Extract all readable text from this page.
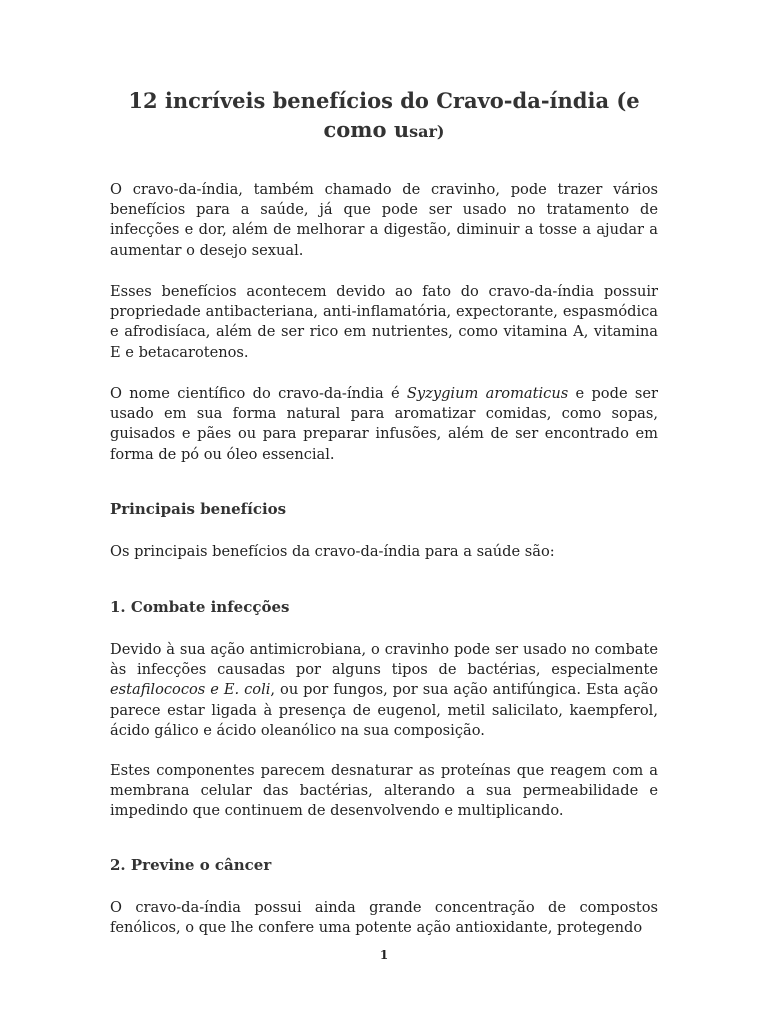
12 incríveis benefícios do Cravo-da-índia (e como usar)

O cravo-da-índia, também chamado de cravinho, pode trazer vários benefícios para a saúde, já que pode ser usado no tratamento de infecções e dor, além de melhorar a digestão, diminuir a tosse a ajudar a aumentar o desejo sexual.

Esses benefícios acontecem devido ao fato do cravo-da-índia possuir propriedade antibacteriana, anti-inflamatória, expectorante, espasmódica e afrodisíaca, além de ser rico em nutrientes, como vitamina A, vitamina E e betacarotenos.

O nome científico do cravo-da-índia é Syzygium aromaticus e pode ser usado em sua forma natural para aromatizar comidas, como sopas, guisados e pães ou para preparar infusões, além de ser encontrado em forma de pó ou óleo essencial.

Principais benefícios

Os principais benefícios da cravo-da-índia para a saúde são:

1. Combate infecções

Devido à sua ação antimicrobiana, o cravinho pode ser usado no combate às infecções causadas por alguns tipos de bactérias, especialmente estafilococos e E. coli, ou por fungos, por sua ação antifúngica. Esta ação parece estar ligada à presença de eugenol, metil salicilato, kaempferol, ácido gálico e ácido oleanólico na sua composição.

Estes componentes parecem desnaturar as proteínas que reagem com a membrana celular das bactérias, alterando a sua permeabilidade e impedindo que continuem de desenvolvendo e multiplicando.

2. Previne o câncer

O cravo-da-índia possui ainda grande concentração de compostos fenólicos, o que lhe confere uma potente ação antioxidante, protegendo

1
